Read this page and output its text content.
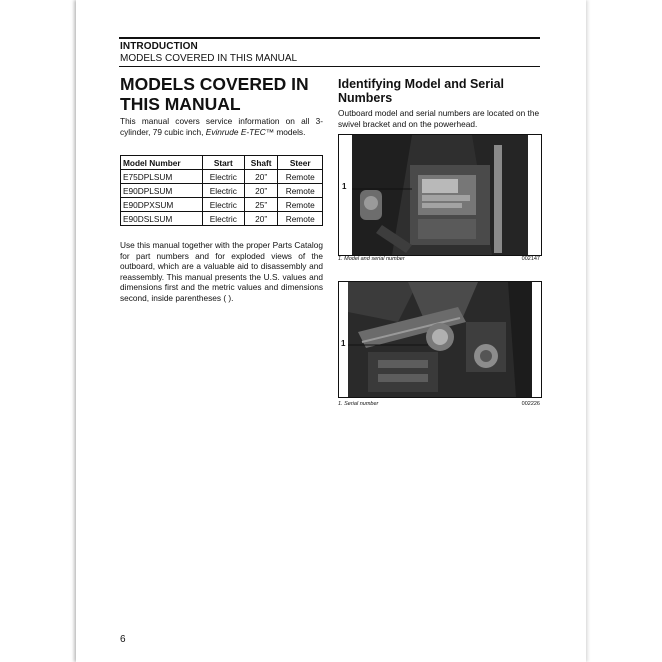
INTRODUCTION
MODELS COVERED IN THIS MANUAL
MODELS COVERED IN
THIS MANUAL
This manual covers service information on all 3-cylinder, 79 cubic inch, Evinrude E-TEC™ models.
Model Number	Start	Shaft	Steer
E75DPLSUM	Electric	20”	Remote
E90DPLSUM	Electric	20”	Remote
E90DPXSUM	Electric	25”	Remote
E90DSLSUM	Electric	20”	Remote
Use this manual together with the proper Parts Catalog for part numbers and for exploded views of the outboard, which are a valuable aid to disassembly and reassembly. This manual presents the U.S. values and dimensions first and the metric values and dimensions second, inside parentheses ( ).
Identifying Model and Serial Numbers
Outboard model and serial numbers are located on the swivel bracket and on the powerhead.
1
1. Model and serial number	002147
1
1. Serial number	002226
6
